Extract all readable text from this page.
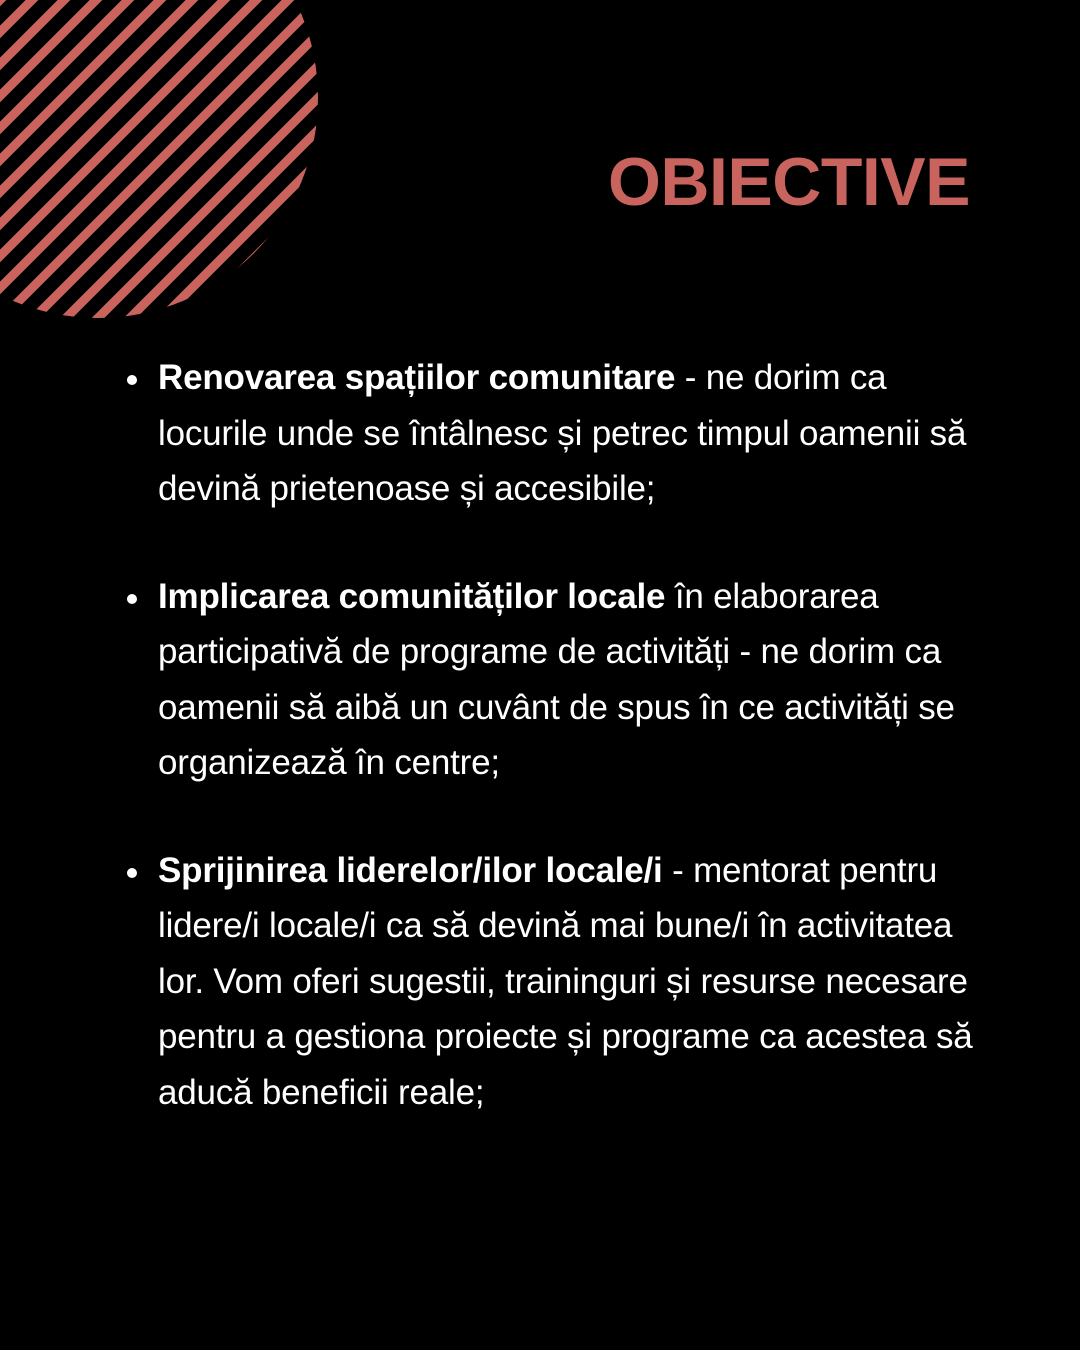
OBIECTIVE
Renovarea spațiilor comunitare - ne dorim ca locurile unde se întâlnesc și petrec timpul oamenii să devină prietenoase și accesibile;
Implicarea comunităților locale în elaborarea participativă de programe de activități - ne dorim ca oamenii să aibă un cuvânt de spus în ce activități se organizează în centre;
Sprijinirea liderelor/ilor locale/i - mentorat pentru lidere/i locale/i ca să devină mai bune/i în activitatea lor. Vom oferi sugestii, traininguri și resurse necesare pentru a gestiona proiecte și programe ca acestea să aducă beneficii reale;
